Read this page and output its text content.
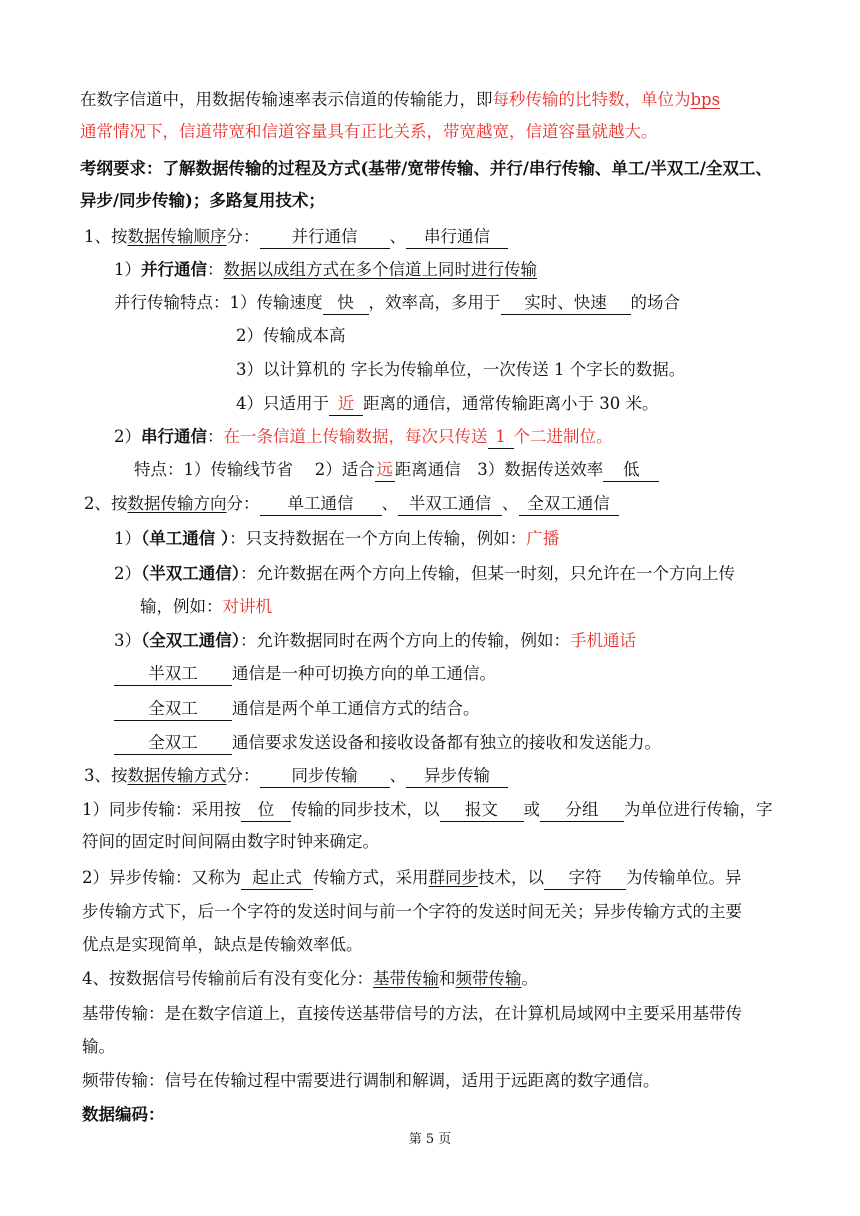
在数字信道中，用数据传输速率表示信道的传输能力，即每秒传输的比特数，单位为bps
通常情况下，信道带宽和信道容量具有正比关系，带宽越宽，信道容量就越大。
考纲要求：了解数据传输的过程及方式(基带/宽带传输、并行/串行传输、单工/半双工/全双工、
异步/同步传输)；多路复用技术；
1、按数据传输顺序分： 并行通信 、 串行通信
1）并行通信：数据以成组方式在多个信道上同时进行传输
并行传输特点：1）传输速度 快 ，效率高，多用于 实时、快速 的场合
2）传输成本高
3）以计算机的 字长为传输单位，一次传送 1 个字长的数据。
4）只适用于 近 距离的通信，通常传输距离小于 30 米。
2）串行通信：在一条信道上传输数据，每次只传送 1 个二进制位。
特点：1）传输线节省　 2）适合 远 距离通信　3）数据传送效率 低
2、按数据传输方向分： 单工通信 、 半双工通信 、 全双工通信
1）（单工通信 ）：只支持数据在一个方向上传输，例如：广播
2）（半双工通信）：允许数据在两个方向上传输，但某一时刻，只允许在一个方向上传
输，例如：对讲机
3）（全双工通信）：允许数据同时在两个方向上的传输，例如：手机通话
半双工 通信是一种可切换方向的单工通信。
全双工 通信是两个单工通信方式的结合。
全双工 通信要求发送设备和接收设备都有独立的接收和发送能力。
3、按数据传输方式分： 同步传输 、 异步传输
1）同步传输：采用按 位 传输的同步技术，以 报文 或 分组 为单位进行传输，字
符间的固定时间间隔由数字时钟来确定。
2）异步传输：又称为 起止式 传输方式，采用群同步技术，以 字符 为传输单位。异
步传输方式下，后一个字符的发送时间与前一个字符的发送时间无关；异步传输方式的主要
优点是实现简单，缺点是传输效率低。
4、按数据信号传输前后有没有变化分：基带传输和频带传输。
基带传输：是在数字信道上，直接传送基带信号的方法，在计算机局域网中主要采用基带传
输。
频带传输：信号在传输过程中需要进行调制和解调，适用于远距离的数字通信。
数据编码：
第 5 页
